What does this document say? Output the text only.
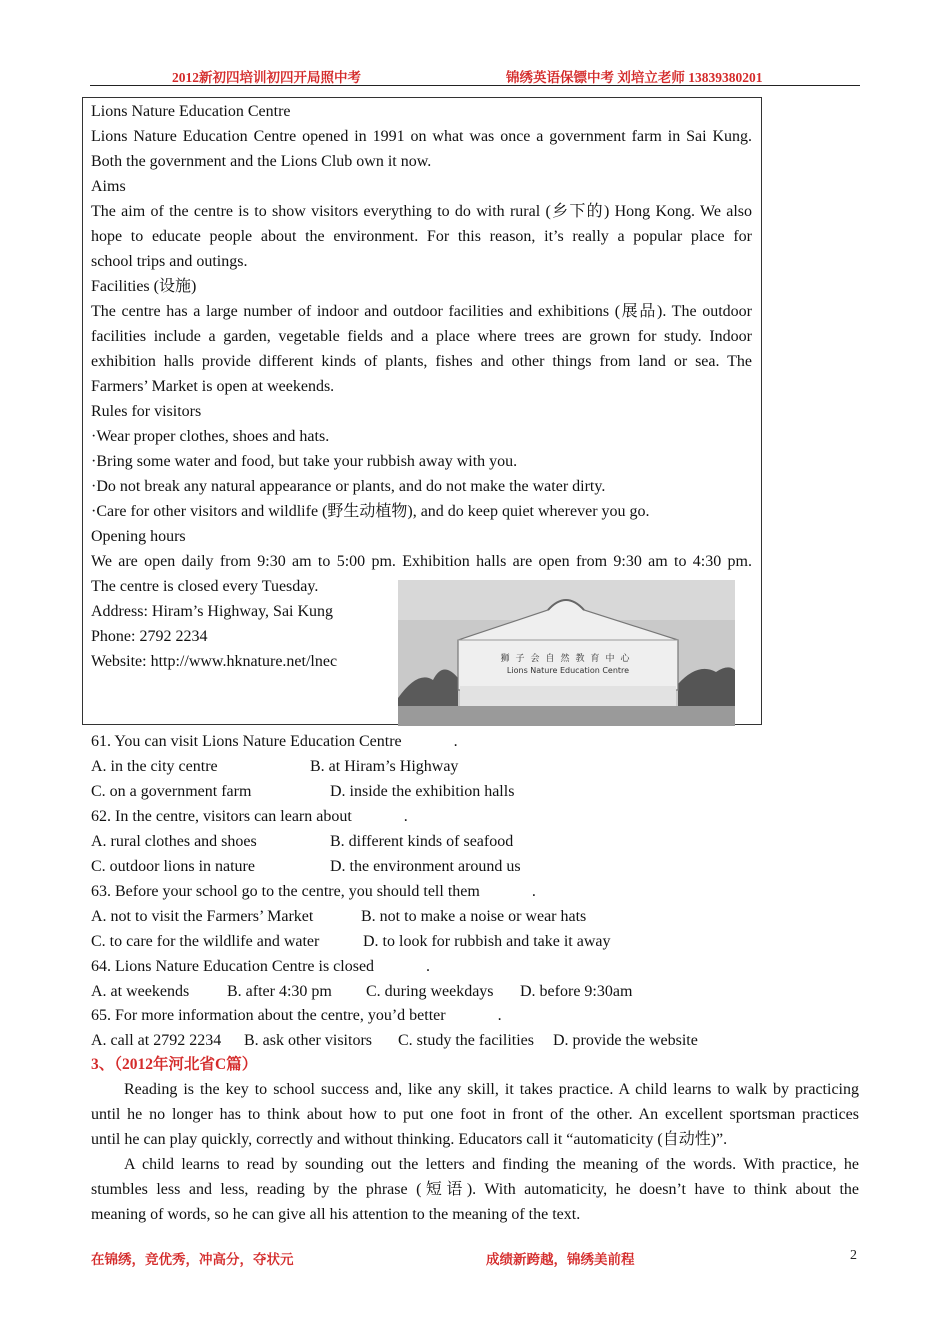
2012新初四培训初四开局照中考	锦绣英语保镖中考 刘培立老师 13839380201
Lions Nature Education Centre
Lions Nature Education Centre opened in 1991 on what was once a government farm in Sai Kung.
Both the government and the Lions Club own it now.
Aims
The aim of the centre is to show visitors everything to do with rural (乡下的) Hong Kong. We also
hope to educate people about the environment. For this reason, it’s really a popular place for
school trips and outings.
Facilities (设施)
The centre has a large number of indoor and outdoor facilities and exhibitions (展品). The outdoor
facilities include a garden, vegetable fields and a place where trees are grown for study. Indoor
exhibition halls provide different kinds of plants, fishes and other things from land or sea. The
Farmers’ Market is open at weekends.
Rules for visitors
·Wear proper clothes, shoes and hats.
·Bring some water and food, but take your rubbish away with you.
·Do not break any natural appearance or plants, and do not make the water dirty.
·Care for other visitors and wildlife (野生动植物), and do keep quiet wherever you go.
Opening hours
We are open daily from 9:30 am to 5:00 pm. Exhibition halls are open from 9:30 am to 4:30 pm.
The centre is closed every Tuesday.
Address: Hiram’s Highway, Sai Kung
Phone: 2792 2234
Website: http://www.hknature.net/lnec	狮子会自然教育中心
Lions Nature Education Centre
61. You can visit Lions Nature Education Centre	.
A. in the city centre	B. at Hiram’s Highway
C. on a government farm	D. inside the exhibition halls
62. In the centre, visitors can learn about	.
A. rural clothes and shoes	B. different kinds of seafood
C. outdoor lions in nature	D. the environment around us
63. Before your school go to the centre, you should tell them	.
A. not to visit the Farmers’ Market	B. not to make a noise or wear hats
C. to care for the wildlife and water	D. to look for rubbish and take it away
64. Lions Nature Education Centre is closed	.
A. at weekends B. after 4:30 pm C. during weekdays D. before 9:30am
65. For more information about the centre, you’d better	.
A. call at 2792 2234 B. ask other visitors C. study the facilities D. provide the website
3、（2012年河北省C篇）
Reading is the key to school success and, like any skill, it takes practice. A child learns to walk by practicing
until he no longer has to think about how to put one foot in front of the other. An excellent sportsman practices
until he can play quickly, correctly and without thinking. Educators call it “automaticity (自动性)”.
A child learns to read by sounding out the letters and finding the meaning of the words. With practice, he
stumbles less and less, reading by the phrase (短语). With automaticity, he doesn’t have to think about the
meaning of words, so he can give all his attention to the meaning of the text.
在锦绣，竞优秀，冲高分，夺状元	成绩新跨越，锦绣美前程	2
